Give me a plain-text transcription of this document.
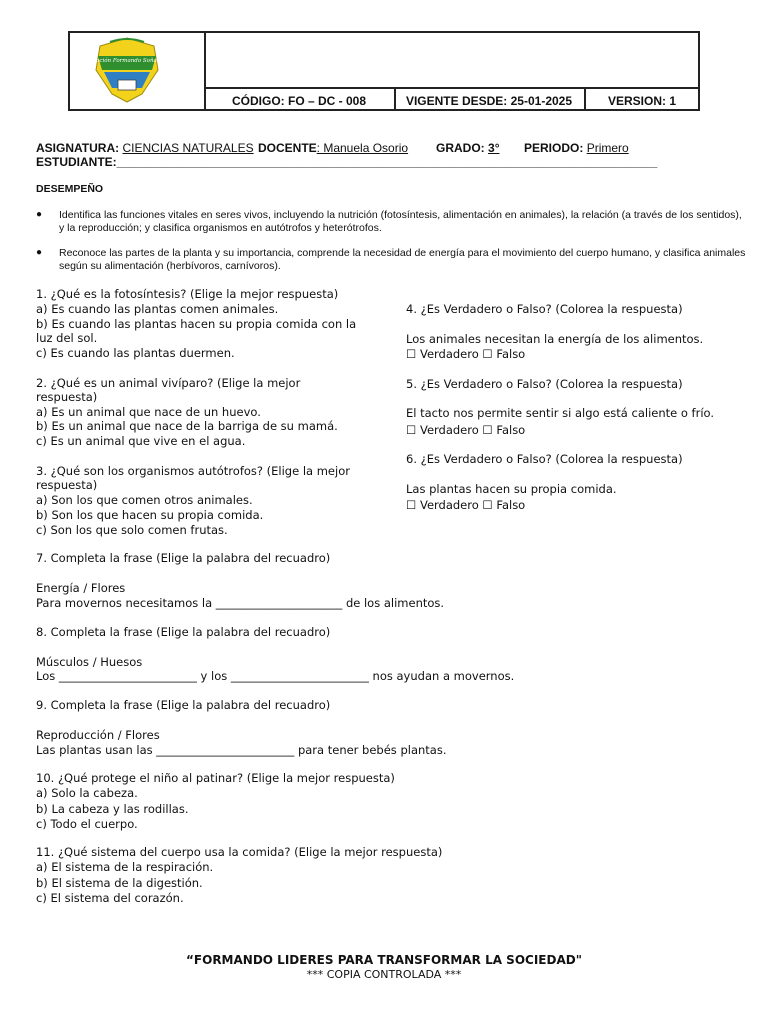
Fundación Formando Soñadores
CÓDIGO: FO – DC - 008	VIGENTE DESDE: 25-01-2025	VERSION: 1
ASIGNATURA: CIENCIAS NATURALES DOCENTE: Manuela Osorio GRADO: 3° PERIODO: Primero
ESTUDIANTE:_________________________________________________________________________________
DESEMPEÑO
● Identifica las funciones vitales en seres vivos, incluyendo la nutrición (fotosíntesis, alimentación en animales), la relación (a través de los sentidos),
y la reproducción; y clasifica organismos en autótrofos y heterótrofos.
● Reconoce las partes de la planta y su importancia, comprende la necesidad de energía para el movimiento del cuerpo humano, y clasifica animales
según su alimentación (herbívoros, carnívoros).
1. ¿Qué es la fotosíntesis? (Elige la mejor respuesta)
a) Es cuando las plantas comen animales.
b) Es cuando las plantas hacen su propia comida con la
luz del sol.
c) Es cuando las plantas duermen.
2. ¿Qué es un animal vivíparo? (Elige la mejor
respuesta)
a) Es un animal que nace de un huevo.
b) Es un animal que nace de la barriga de su mamá.
c) Es un animal que vive en el agua.
3. ¿Qué son los organismos autótrofos? (Elige la mejor
respuesta)
a) Son los que comen otros animales.
b) Son los que hacen su propia comida.
c) Son los que solo comen frutas.
4. ¿Es Verdadero o Falso? (Colorea la respuesta)
Los animales necesitan la energía de los alimentos.
☐ Verdadero ☐ Falso
5. ¿Es Verdadero o Falso? (Colorea la respuesta)
El tacto nos permite sentir si algo está caliente o frío.
☐ Verdadero ☐ Falso
6. ¿Es Verdadero o Falso? (Colorea la respuesta)
Las plantas hacen su propia comida.
☐ Verdadero ☐ Falso
7. Completa la frase (Elige la palabra del recuadro)
Energía / Flores
Para movernos necesitamos la ______________________ de los alimentos.
8. Completa la frase (Elige la palabra del recuadro)
Músculos / Huesos
Los ________________________ y los ________________________ nos ayudan a movernos.
9. Completa la frase (Elige la palabra del recuadro)
Reproducción / Flores
Las plantas usan las ________________________ para tener bebés plantas.
10. ¿Qué protege el niño al patinar? (Elige la mejor respuesta)
a) Solo la cabeza.
b) La cabeza y las rodillas.
c) Todo el cuerpo.
11. ¿Qué sistema del cuerpo usa la comida? (Elige la mejor respuesta)
a) El sistema de la respiración.
b) El sistema de la digestión.
c) El sistema del corazón.
“FORMANDO LIDERES PARA TRANSFORMAR LA SOCIEDAD"
*** COPIA CONTROLADA ***
